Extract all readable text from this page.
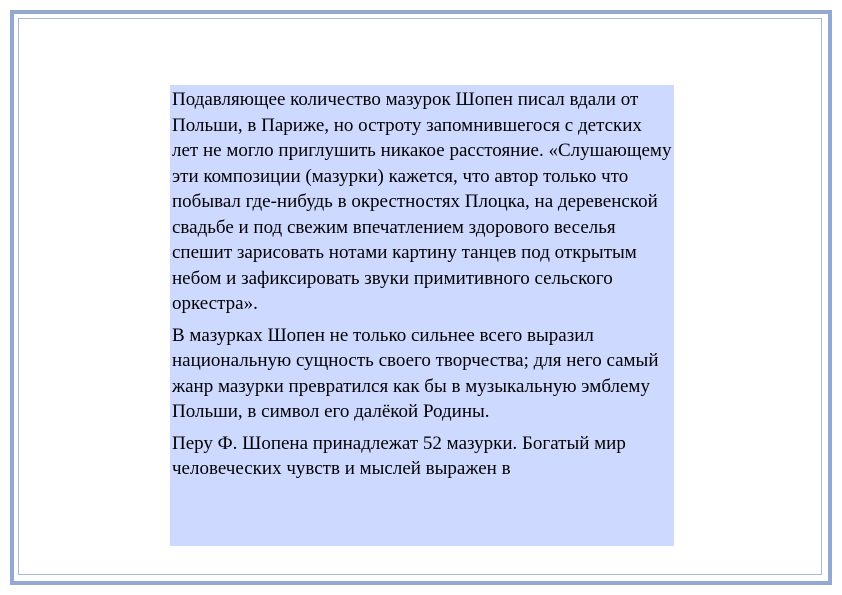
Подавляющее количество мазурок Шопен писал вдали от Польши, в Париже, но остроту запомнившегося с детских лет не могло приглушить никакое расстояние. «Слушающему эти композиции (мазурки) кажется, что автор только что побывал где-нибудь в окрестностях Плоцка, на деревенской свадьбе и под свежим впечатлением здорового веселья спешит зарисовать нотами картину танцев под открытым небом и зафиксировать звуки примитивного сельского оркестра».

В мазурках Шопен не только сильнее всего выразил национальную сущность своего творчества; для него самый жанр мазурки превратился как бы в музыкальную эмблему Польши, в символ его далёкой Родины.

Перу Ф. Шопена принадлежат 52 мазурки. Богатый мир человеческих чувств и мыслей выражен в
